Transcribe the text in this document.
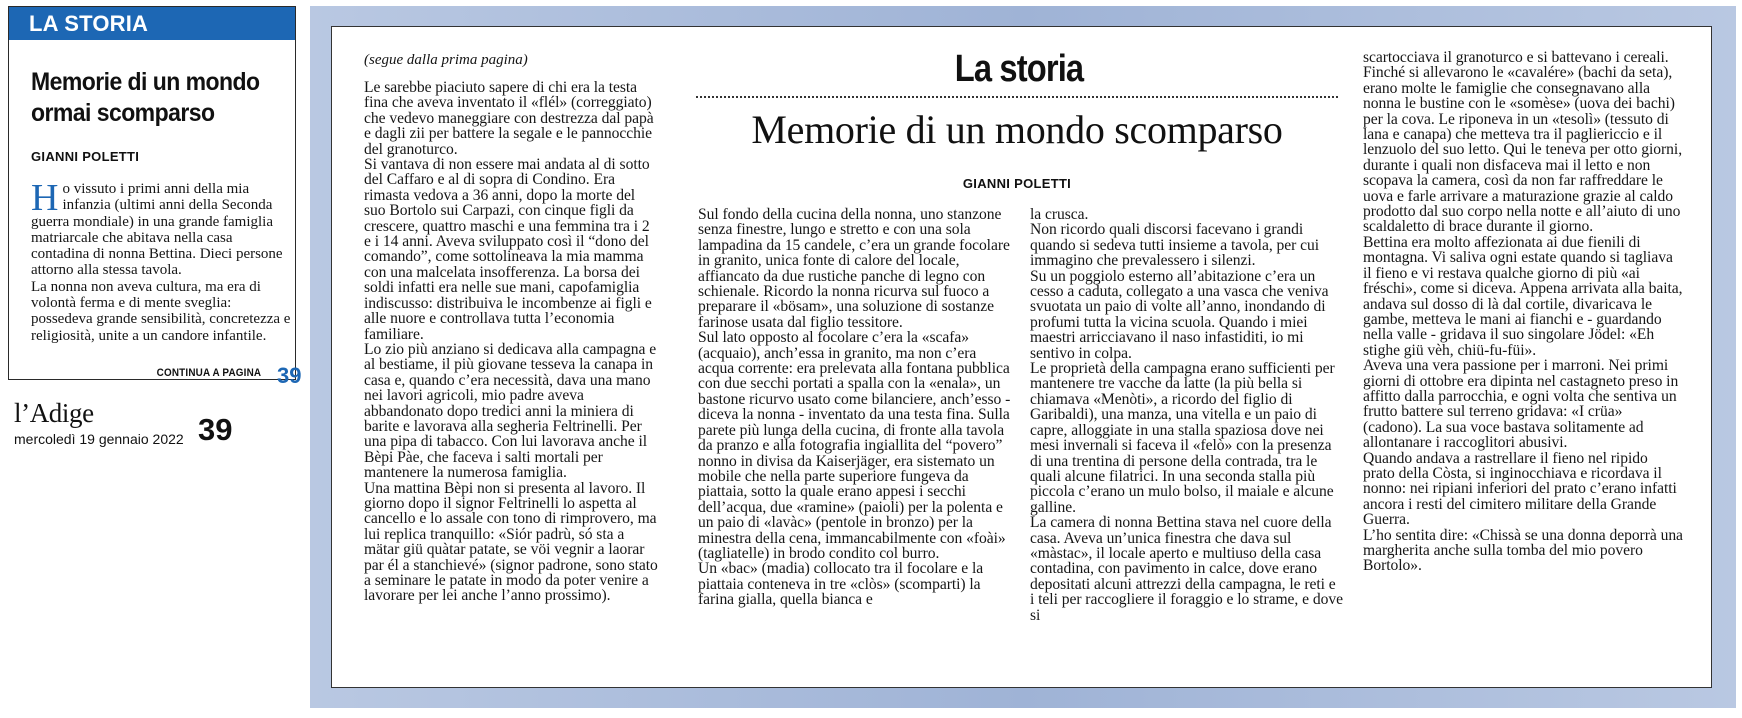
LA STORIA
Memorie di un mondo ormai scomparso
GIANNI POLETTI

Ho vissuto i primi anni della mia infanzia (ultimi anni della Seconda guerra mondiale) in una grande famiglia matriarcale che abitava nella casa contadina di nonna Bettina. Dieci persone attorno alla stessa tavola.

La nonna non aveva cultura, ma era di volontà ferma e di mente sveglia: possedeva grande sensibilità, concretezza e religiosità, unite a un candore infantile.

CONTINUA A PAGINA 39
l’Adige
mercoledì 19 gennaio 2022 39
(segue dalla prima pagina)	La storia
Memorie di un mondo scomparso
GIANNI POLETTI

Le sarebbe piaciuto sapere di chi era la testa fina che aveva inventato il «flél» (correggiato) che vedevo maneggiare con destrezza dal papà e dagli zii per battere la segale e le pannocchie del granoturco.

Si vantava di non essere mai andata al di sotto del Caffaro e al di sopra di Condino. Era rimasta vedova a 36 anni, dopo la morte del suo Bortolo sui Carpazi, con cinque figli da crescere, quattro maschi e una femmina tra i 2 e i 14 anni. Aveva sviluppato così il “dono del comando”, come sottolineava la mia mamma con una malcelata insofferenza. La borsa dei soldi infatti era nelle sue mani, capofamiglia indiscusso: distribuiva le incombenze ai figli e alle nuore e controllava tutta l’economia familiare.

Lo zio più anziano si dedicava alla campagna e al bestiame, il più giovane tesseva la canapa in casa e, quando c’era necessità, dava una mano nei lavori agricoli, mio padre aveva abbandonato dopo tredici anni la miniera di barite e lavorava alla segheria Feltrinelli. Per una pipa di tabacco. Con lui lavorava anche il Bèpi Pàe, che faceva i salti mortali per mantenere la numerosa famiglia.

Una mattina Bèpi non si presenta al lavoro. Il giorno dopo il signor Feltrinelli lo aspetta al cancello e lo assale con tono di rimprovero, ma lui replica tranquillo: «Siór padrù, só sta a mätar giü quàtar patate, se vöi vegnir a laorar par él a stanchievé» (signor padrone, sono stato a seminare le patate in modo da poter venire a lavorare per lei anche l’anno prossimo).

Sul fondo della cucina della nonna, uno stanzone senza finestre, lungo e stretto e con una sola lampadina da 15 candele, c’era un grande focolare in granito, unica fonte di calore del locale, affiancato da due rustiche panche di legno con schienale. Ricordo la nonna ricurva sul fuoco a preparare il «bösam», una soluzione di sostanze farinose usata dal figlio tessitore.

Sul lato opposto al focolare c’era la «scafa» (acquaio), anch’essa in granito, ma non c’era acqua corrente: era prelevata alla fontana pubblica con due secchi portati a spalla con la «enala», un bastone ricurvo usato come bilanciere, anch’esso - diceva la nonna - inventato da una testa fina. Sulla parete più lunga della cucina, di fronte alla tavola da pranzo e alla fotografia ingiallita del “povero” nonno in divisa da Kaiserjäger, era sistemato un mobile che nella parte superiore fungeva da piattaia, sotto la quale erano appesi i secchi dell’acqua, due «ramine» (paioli) per la polenta e un paio di «lavàc» (pentole in bronzo) per la minestra della cena, immancabilmente con «foài» (tagliatelle) in brodo condito col burro.

Un «bac» (madia) collocato tra il focolare e la piattaia conteneva in tre «clòs» (scomparti) la farina gialla, quella bianca e

la crusca.

Non ricordo quali discorsi facevano i grandi quando si sedeva tutti insieme a tavola, per cui immagino che prevalessero i silenzi.

Su un poggiolo esterno all’abitazione c’era un cesso a caduta, collegato a una vasca che veniva svuotata un paio di volte all’anno, inondando di profumi tutta la vicina scuola. Quando i miei maestri arricciavano il naso infastiditi, io mi sentivo in colpa.

Le proprietà della campagna erano sufficienti per mantenere tre vacche da latte (la più bella si chiamava «Menòti», a ricordo del figlio di Garibaldi), una manza, una vitella e un paio di capre, alloggiate in una stalla spaziosa dove nei mesi invernali si faceva il «felò» con la presenza di una trentina di persone della contrada, tra le quali alcune filatrici. In una seconda stalla più piccola c’erano un mulo bolso, il maiale e alcune galline.

La camera di nonna Bettina stava nel cuore della casa. Aveva un’unica finestra che dava sul «màstac», il locale aperto e multiuso della casa contadina, con pavimento in calce, dove erano depositati alcuni attrezzi della campagna, le reti e i teli per raccogliere il foraggio e lo strame, e dove si

scartocciava il granoturco e si battevano i cereali.

Finché si allevarono le «cavalére» (bachi da seta), erano molte le famiglie che consegnavano alla nonna le bustine con le «somèse» (uova dei bachi) per la cova. Le riponeva in un «tesolì» (tessuto di lana e canapa) che metteva tra il pagliericcio e il lenzuolo del suo letto. Qui le teneva per otto giorni, durante i quali non disfaceva mai il letto e non scopava la camera, così da non far raffreddare le uova e farle arrivare a maturazione grazie al caldo prodotto dal suo corpo nella notte e all’aiuto di uno scaldaletto di brace durante il giorno.

Bettina era molto affezionata ai due fienili di montagna. Vi saliva ogni estate quando si tagliava il fieno e vi restava qualche giorno di più «ai fréschi», come si diceva. Appena arrivata alla baita, andava sul dosso di là dal cortile, divaricava le gambe, metteva le mani ai fianchi e - guardando nella valle - gridava il suo singolare Jödel: «Eh stighe giü vèh, chiü-fu-füi».

Aveva una vera passione per i marroni. Nei primi giorni di ottobre era dipinta nel castagneto preso in affitto dalla parrocchia, e ogni volta che sentiva un frutto battere sul terreno gridava: «I crüa» (cadono). La sua voce bastava solitamente ad allontanare i raccoglitori abusivi.

Quando andava a rastrellare il fieno nel ripido prato della Còsta, si inginocchiava e ricordava il nonno: nei ripiani inferiori del prato c’erano infatti ancora i resti del cimitero militare della Grande Guerra.

L’ho sentita dire: «Chissà se una donna deporrà una margherita anche sulla tomba del mio povero Bortolo».
